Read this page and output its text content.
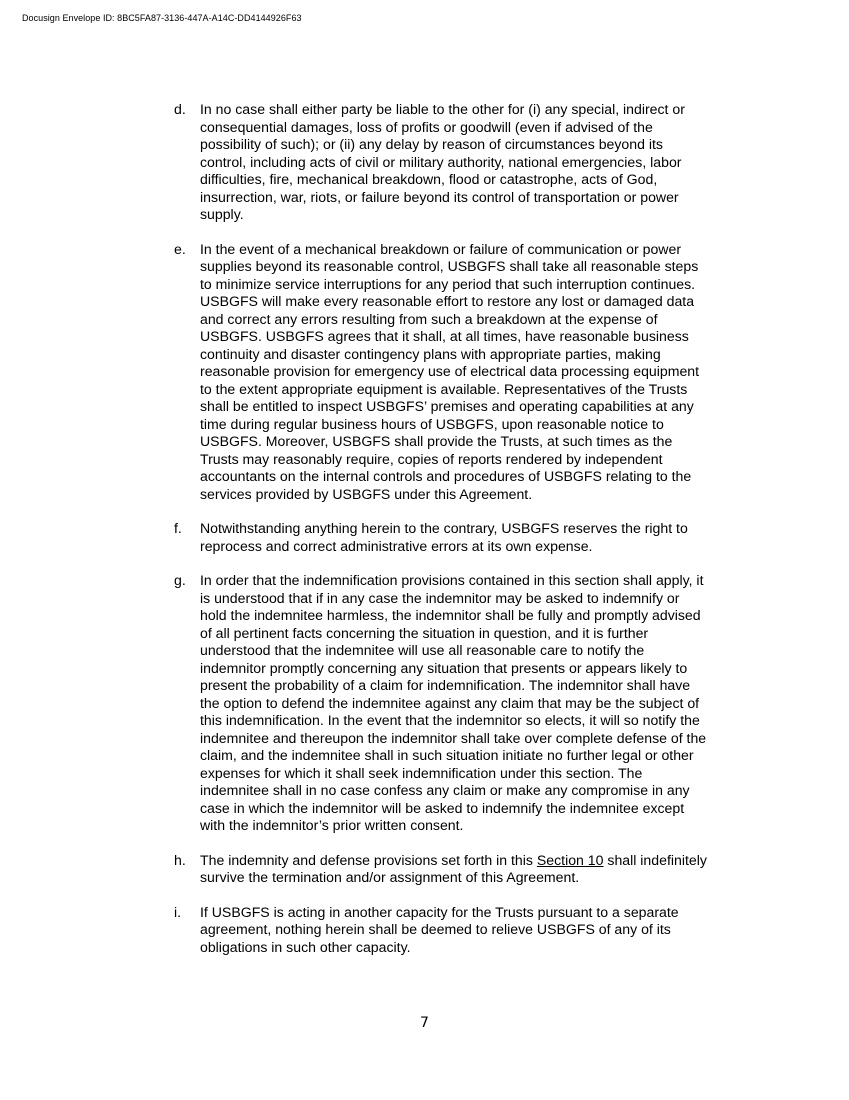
Docusign Envelope ID: 8BC5FA87-3136-447A-A14C-DD4144926F63
d.	In no case shall either party be liable to the other for (i) any special, indirect or
consequential damages, loss of profits or goodwill (even if advised of the
possibility of such); or (ii) any delay by reason of circumstances beyond its
control, including acts of civil or military authority, national emergencies, labor
difficulties, fire, mechanical breakdown, flood or catastrophe, acts of God,
insurrection, war, riots, or failure beyond its control of transportation or power
supply.
e.	In the event of a mechanical breakdown or failure of communication or power
supplies beyond its reasonable control, USBGFS shall take all reasonable steps
to minimize service interruptions for any period that such interruption continues.
USBGFS will make every reasonable effort to restore any lost or damaged data
and correct any errors resulting from such a breakdown at the expense of
USBGFS. USBGFS agrees that it shall, at all times, have reasonable business
continuity and disaster contingency plans with appropriate parties, making
reasonable provision for emergency use of electrical data processing equipment
to the extent appropriate equipment is available. Representatives of the Trusts
shall be entitled to inspect USBGFS’ premises and operating capabilities at any
time during regular business hours of USBGFS, upon reasonable notice to
USBGFS. Moreover, USBGFS shall provide the Trusts, at such times as the
Trusts may reasonably require, copies of reports rendered by independent
accountants on the internal controls and procedures of USBGFS relating to the
services provided by USBGFS under this Agreement.
f.	Notwithstanding anything herein to the contrary, USBGFS reserves the right to
reprocess and correct administrative errors at its own expense.
g.	In order that the indemnification provisions contained in this section shall apply, it
is understood that if in any case the indemnitor may be asked to indemnify or
hold the indemnitee harmless, the indemnitor shall be fully and promptly advised
of all pertinent facts concerning the situation in question, and it is further
understood that the indemnitee will use all reasonable care to notify the
indemnitor promptly concerning any situation that presents or appears likely to
present the probability of a claim for indemnification. The indemnitor shall have
the option to defend the indemnitee against any claim that may be the subject of
this indemnification. In the event that the indemnitor so elects, it will so notify the
indemnitee and thereupon the indemnitor shall take over complete defense of the
claim, and the indemnitee shall in such situation initiate no further legal or other
expenses for which it shall seek indemnification under this section. The
indemnitee shall in no case confess any claim or make any compromise in any
case in which the indemnitor will be asked to indemnify the indemnitee except
with the indemnitor’s prior written consent.
h.	The indemnity and defense provisions set forth in this Section 10 shall indefinitely
survive the termination and/or assignment of this Agreement.
i.	If USBGFS is acting in another capacity for the Trusts pursuant to a separate
agreement, nothing herein shall be deemed to relieve USBGFS of any of its
obligations in such other capacity.
7
